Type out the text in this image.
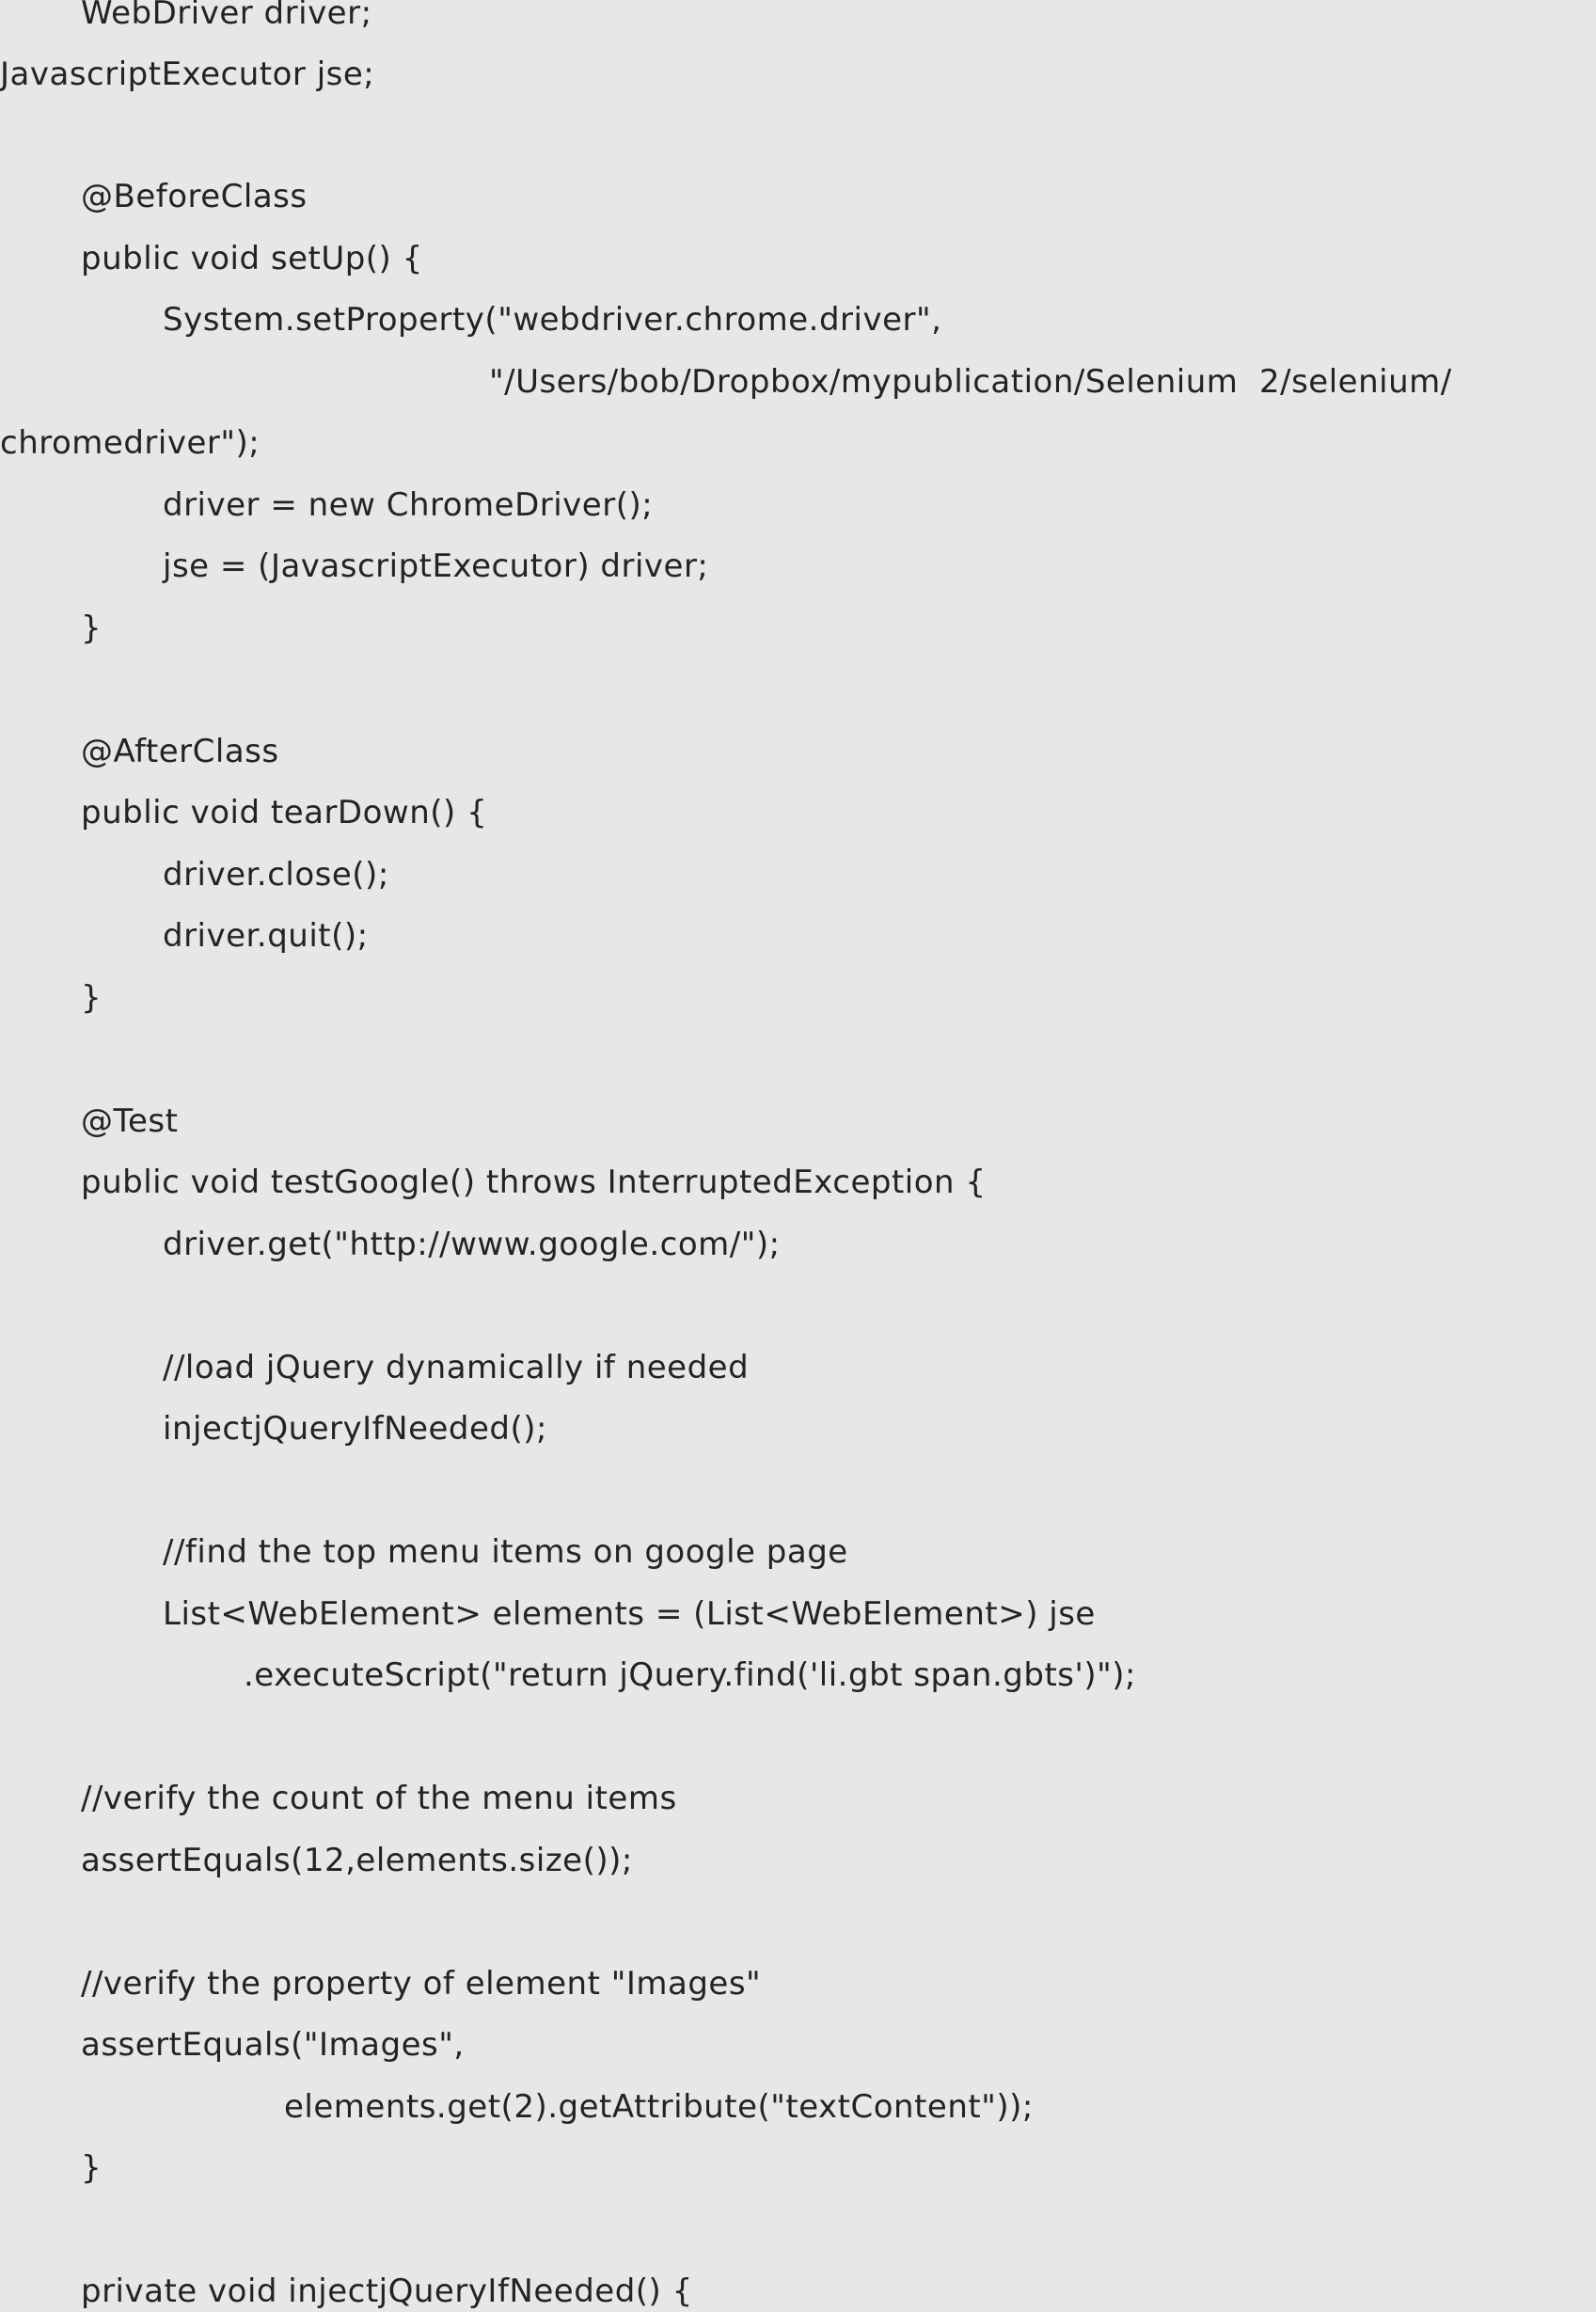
WebDriver driver;
JavascriptExecutor jse;
@BeforeClass
public void setUp() {
System.setProperty("webdriver.chrome.driver",
"/Users/bob/Dropbox/mypublication/Selenium  2/selenium/
chromedriver");
driver = new ChromeDriver();
jse = (JavascriptExecutor) driver;
}
@AfterClass
public void tearDown() {
driver.close();
driver.quit();
}
@Test
public void testGoogle() throws InterruptedException {
driver.get("http://www.google.com/");
//load jQuery dynamically if needed
injectjQueryIfNeeded();
//find the top menu items on google page
List<WebElement> elements = (List<WebElement>) jse
.executeScript("return jQuery.find('li.gbt span.gbts')");
//verify the count of the menu items
assertEquals(12,elements.size());
//verify the property of element "Images"
assertEquals("Images",
elements.get(2).getAttribute("textContent"));
}
private void injectjQueryIfNeeded() {
